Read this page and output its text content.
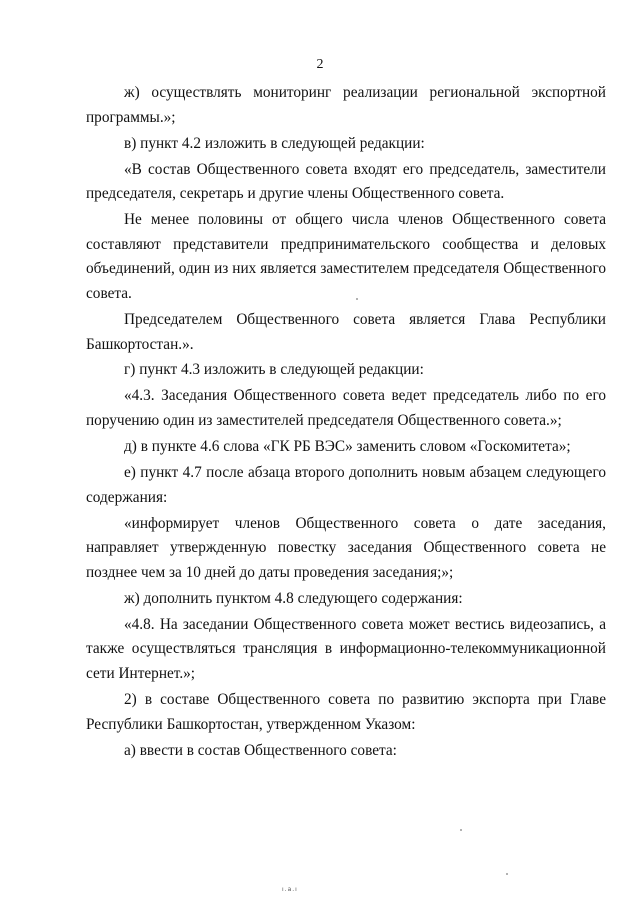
2

ж) осуществлять мониторинг реализации региональной экспортной программы.»;

в) пункт 4.2 изложить в следующей редакции:

«В состав Общественного совета входят его председатель, заместители председателя, секретарь и другие члены Общественного совета.

Не менее половины от общего числа членов Общественного совета составляют представители предпринимательского сообщества и деловых объединений, один из них является заместителем председателя Общественного совета.

Председателем Общественного совета является Глава Республики Башкортостан.».

г) пункт 4.3 изложить в следующей редакции:

«4.3. Заседания Общественного совета ведет председатель либо по его поручению один из заместителей председателя Общественного совета.»;

д) в пункте 4.6 слова «ГК РБ ВЭС» заменить словом «Госкомитета»;

е) пункт 4.7 после абзаца второго дополнить новым абзацем следующего содержания:

«информирует членов Общественного совета о дате заседания, направляет утвержденную повестку заседания Общественного совета не позднее чем за 10 дней до даты проведения заседания;»;

ж) дополнить пунктом 4.8 следующего содержания:

«4.8. На заседании Общественного совета может вестись видеозапись, а также осуществляться трансляция в информационно-телекоммуникационной сети Интернет.»;

2) в составе Общественного совета по развитию экспорта при Главе Республики Башкортостан, утвержденном Указом:

а) ввести в состав Общественного совета:

ı.a.ı
